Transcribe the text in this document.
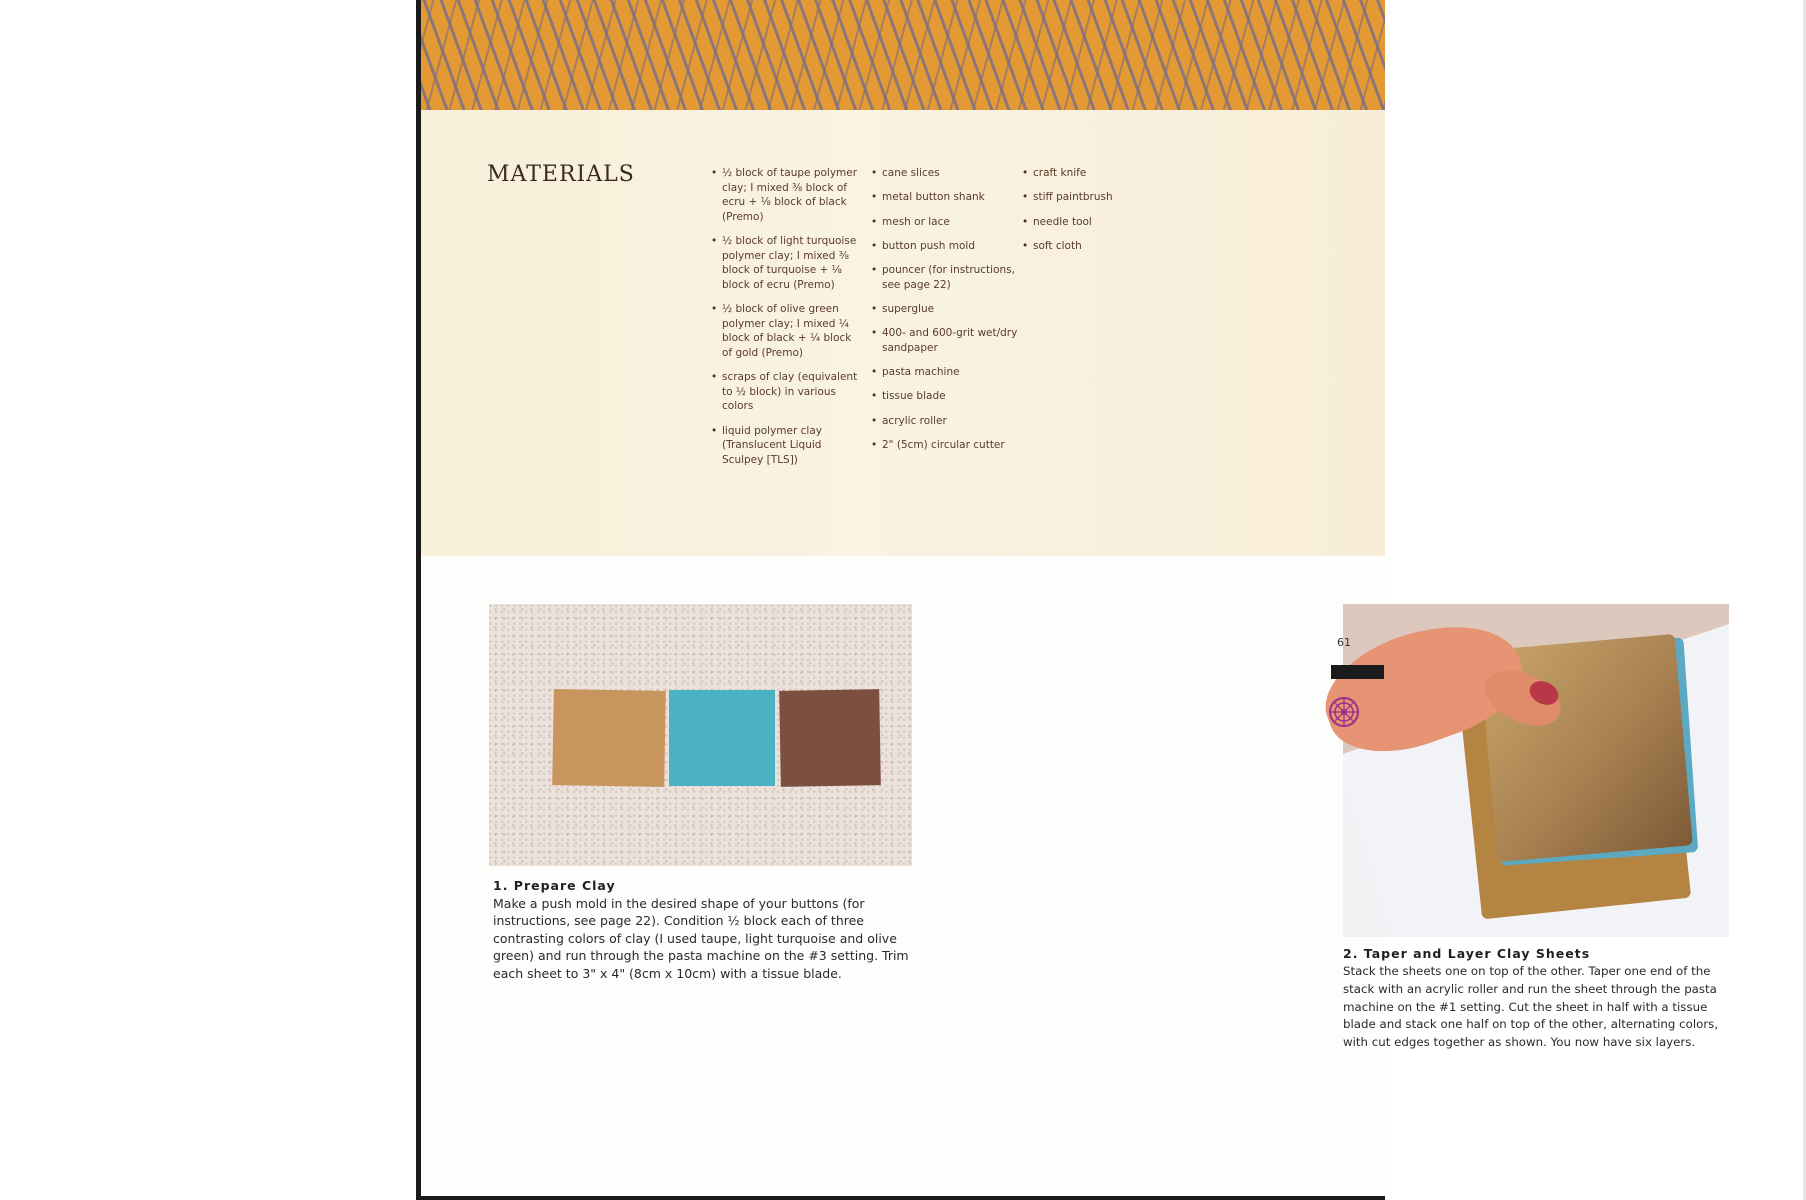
MATERIALS
•	½ block of taupe polymer clay; I mixed ⅜ block of ecru + ⅛ block of black (Premo)
• ½ block of light turquoise polymer clay; I mixed ⅜ block of turquoise + ⅛ block of ecru (Premo)
• ½ block of olive green polymer clay; I mixed ¼ block of black + ¼ block of gold (Premo)
• scraps of clay (equivalent to ½ block) in various colors
• liquid polymer clay (Translucent Liquid Sculpey [TLS])
• cane slices
• metal button shank
• mesh or lace
• button push mold
• pouncer (for instructions, see page 22)
• superglue
• 400- and 600-grit wet/dry sandpaper
• pasta machine
• tissue blade
• acrylic roller
• 2" (5cm) circular cutter
• craft knife
• stiff paintbrush
• needle tool
• soft cloth
1. Prepare Clay

Make a push mold in the desired shape of your buttons (for instructions, see page 22). Condition ½ block each of three contrasting colors of clay (I used taupe, light turquoise and olive green) and run through the pasta machine on the #3 setting. Trim each sheet to 3" x 4" (8cm x 10cm) with a tissue blade.

2. Taper and Layer Clay Sheets

Stack the sheets one on top of the other. Taper one end of the stack with an acrylic roller and run the sheet through the pasta machine on the #1 setting. Cut the sheet in half with a tissue blade and stack one half on top of the other, alternating colors, with cut edges together as shown. You now have six layers.

61
